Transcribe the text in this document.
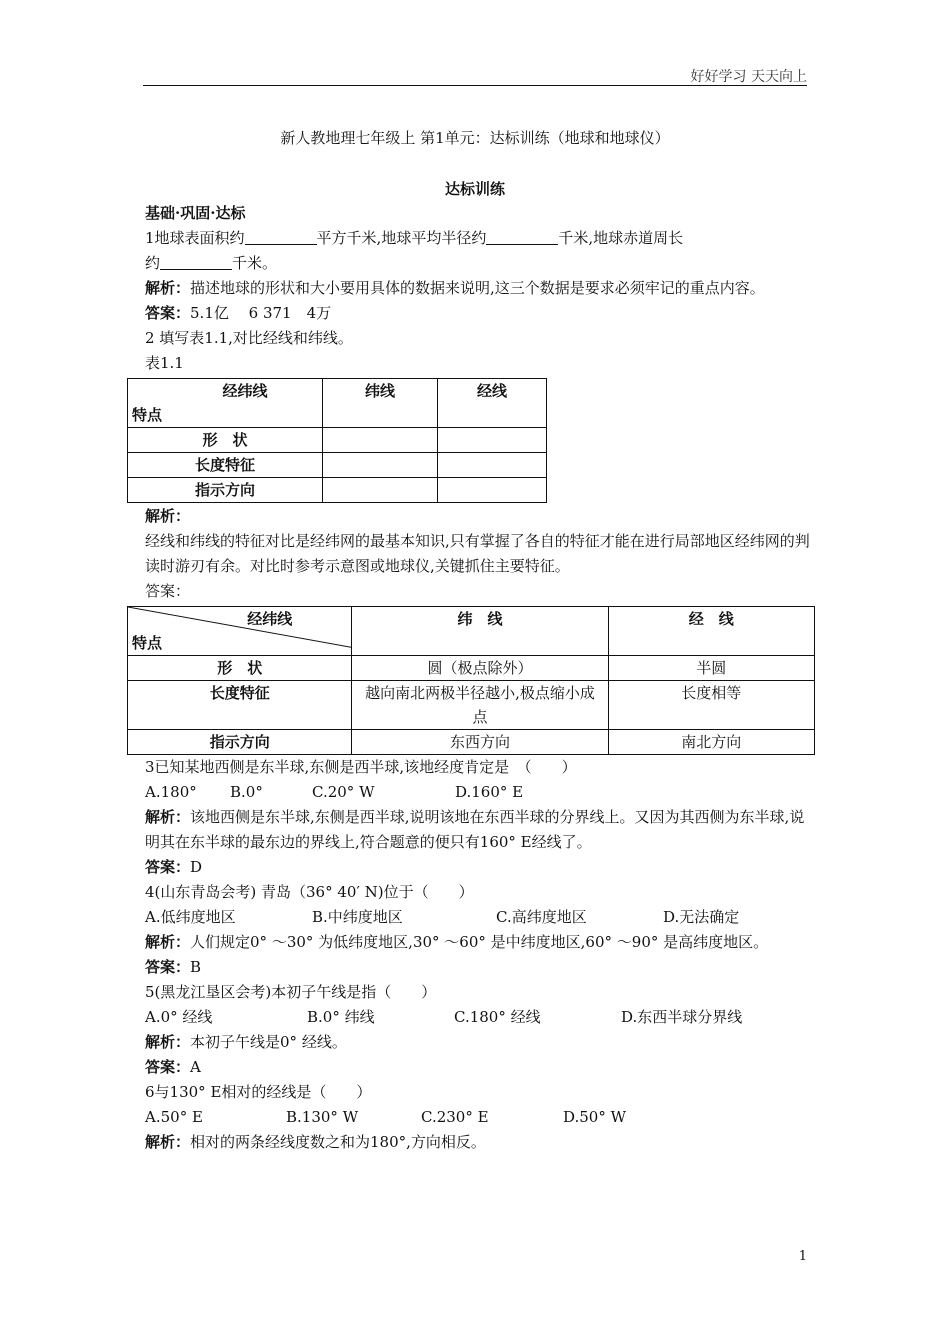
好好学习 天天向上
新人教地理七年级上 第1单元：达标训练（地球和地球仪）
达标训练

基础·巩固·达标

1地球表面积约	平方千米,地球平均半径约	千米,地球赤道周长

约	千米。

解析：描述地球的形状和大小要用具体的数据来说明,这三个数据是要求必须牢记的重点内容。

答案：5.1亿　 6 371　4万

2 填写表1.1,对比经线和纬线。

表1.1

经纬线
特点	纬线	经线
形　状		
长度特征		
指示方向		

解析：

经线和纬线的特征对比是经纬网的最基本知识,只有掌握了各自的特征才能在进行局部地区经纬网的判读时游刃有余。对比时参考示意图或地球仪,关键抓住主要特征。

答案：

经纬线
特点	纬　线	经　线
形　状	圆（极点除外）	半圆
长度特征	越向南北两极半径越小,极点缩小成点	长度相等
指示方向	东西方向	南北方向

3已知某地西侧是东半球,东侧是西半球,该地经度肯定是　（　　）

A.180°	B.0°	C.20° W	D.160° E

解析：该地西侧是东半球,东侧是西半球,说明该地在东西半球的分界线上。又因为其西侧为东半球,说明其在东半球的最东边的界线上,符合题意的便只有160° E经线了。

答案：D

4(山东青岛会考) 青岛（36° 40′ N)位于（　　）

A.低纬度地区	B.中纬度地区	C.高纬度地区	D.无法确定

解析：人们规定0° ～30° 为低纬度地区,30° ～60° 是中纬度地区,60° ～90° 是高纬度地区。

答案：B

5(黑龙江垦区会考)本初子午线是指（　　）

A.0° 经线	B.0° 纬线	C.180° 经线	D.东西半球分界线

解析：本初子午线是0° 经线。

答案：A

6与130° E相对的经线是（　　）

A.50° E	B.130° W	C.230° E	D.50° W

解析：相对的两条经线度数之和为180°,方向相反。

1
